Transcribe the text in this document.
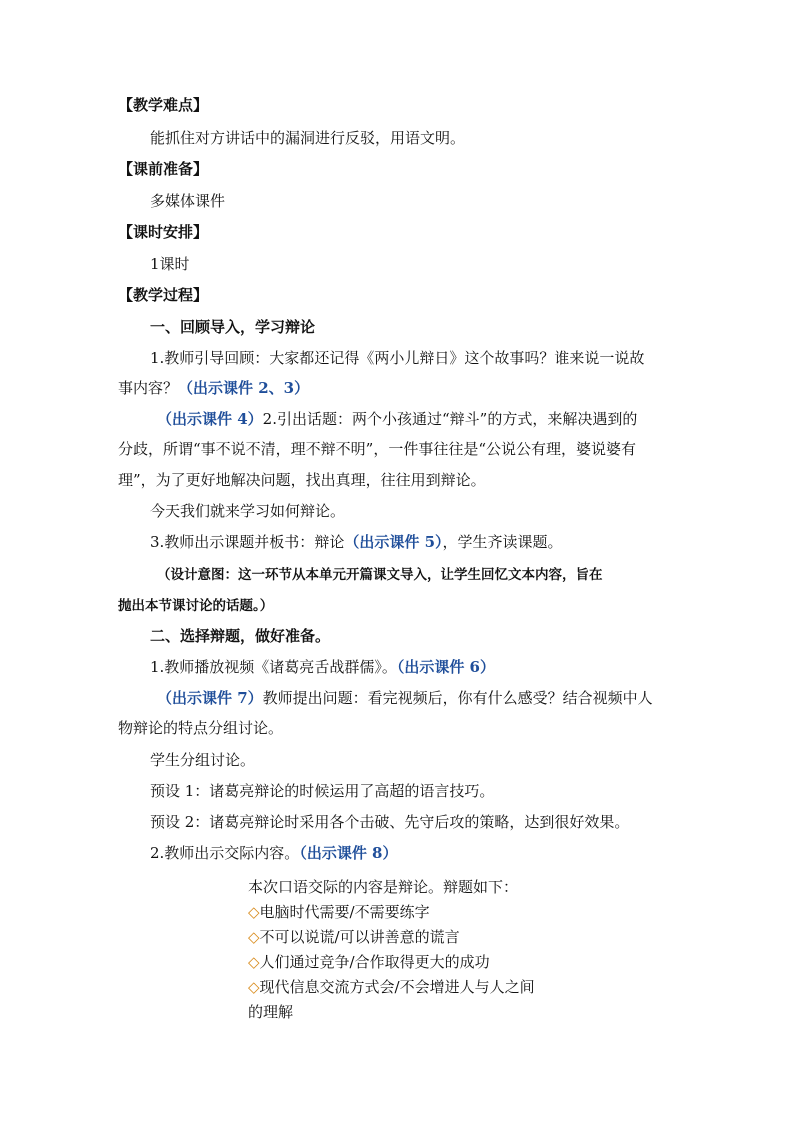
【教学难点】
能抓住对方讲话中的漏洞进行反驳，用语文明。
【课前准备】
多媒体课件
【课时安排】
1课时
【教学过程】
一、回顾导入，学习辩论
1.教师引导回顾：大家都还记得《两小儿辩日》这个故事吗？谁来说一说故
事内容？（出示课件 2、3）
（出示课件 4）2.引出话题：两个小孩通过“辩斗”的方式，来解决遇到的
分歧，所谓“事不说不清，理不辩不明”，一件事往往是“公说公有理，婆说婆有
理”，为了更好地解决问题，找出真理，往往用到辩论。
今天我们就来学习如何辩论。
3.教师出示课题并板书：辩论（出示课件 5），学生齐读课题。
（设计意图：这一环节从本单元开篇课文导入，让学生回忆文本内容，旨在
抛出本节课讨论的话题。）
二、选择辩题，做好准备。
1.教师播放视频《诸葛亮舌战群儒》。（出示课件 6）
（出示课件 7）教师提出问题：看完视频后，你有什么感受？结合视频中人
物辩论的特点分组讨论。
学生分组讨论。
预设 1：诸葛亮辩论的时候运用了高超的语言技巧。
预设 2：诸葛亮辩论时采用各个击破、先守后攻的策略，达到很好效果。
2.教师出示交际内容。（出示课件 8）
本次口语交际的内容是辩论。辩题如下：
◇电脑时代需要/不需要练字
◇不可以说谎/可以讲善意的谎言
◇人们通过竞争/合作取得更大的成功
◇现代信息交流方式会/不会增进人与人之间
的理解
